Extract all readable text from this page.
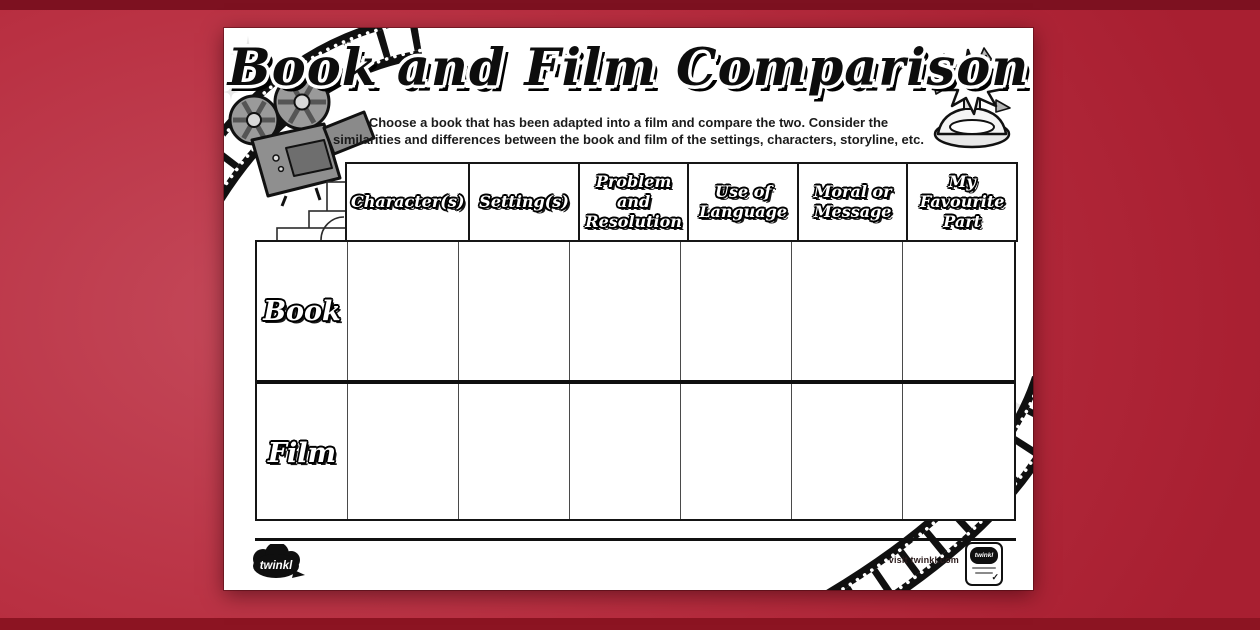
Book and Film Comparison

Choose a book that has been adapted into a film and compare the two. Consider the
similarities and differences between the book and film of the settings, characters, storyline, etc.

Book
Film
Character(s) Setting(s)
Problem and Resolution
Use of Language
Moral or Message
My Favourite Part
twinkl	visit twinkl.com	twinkl
✓
